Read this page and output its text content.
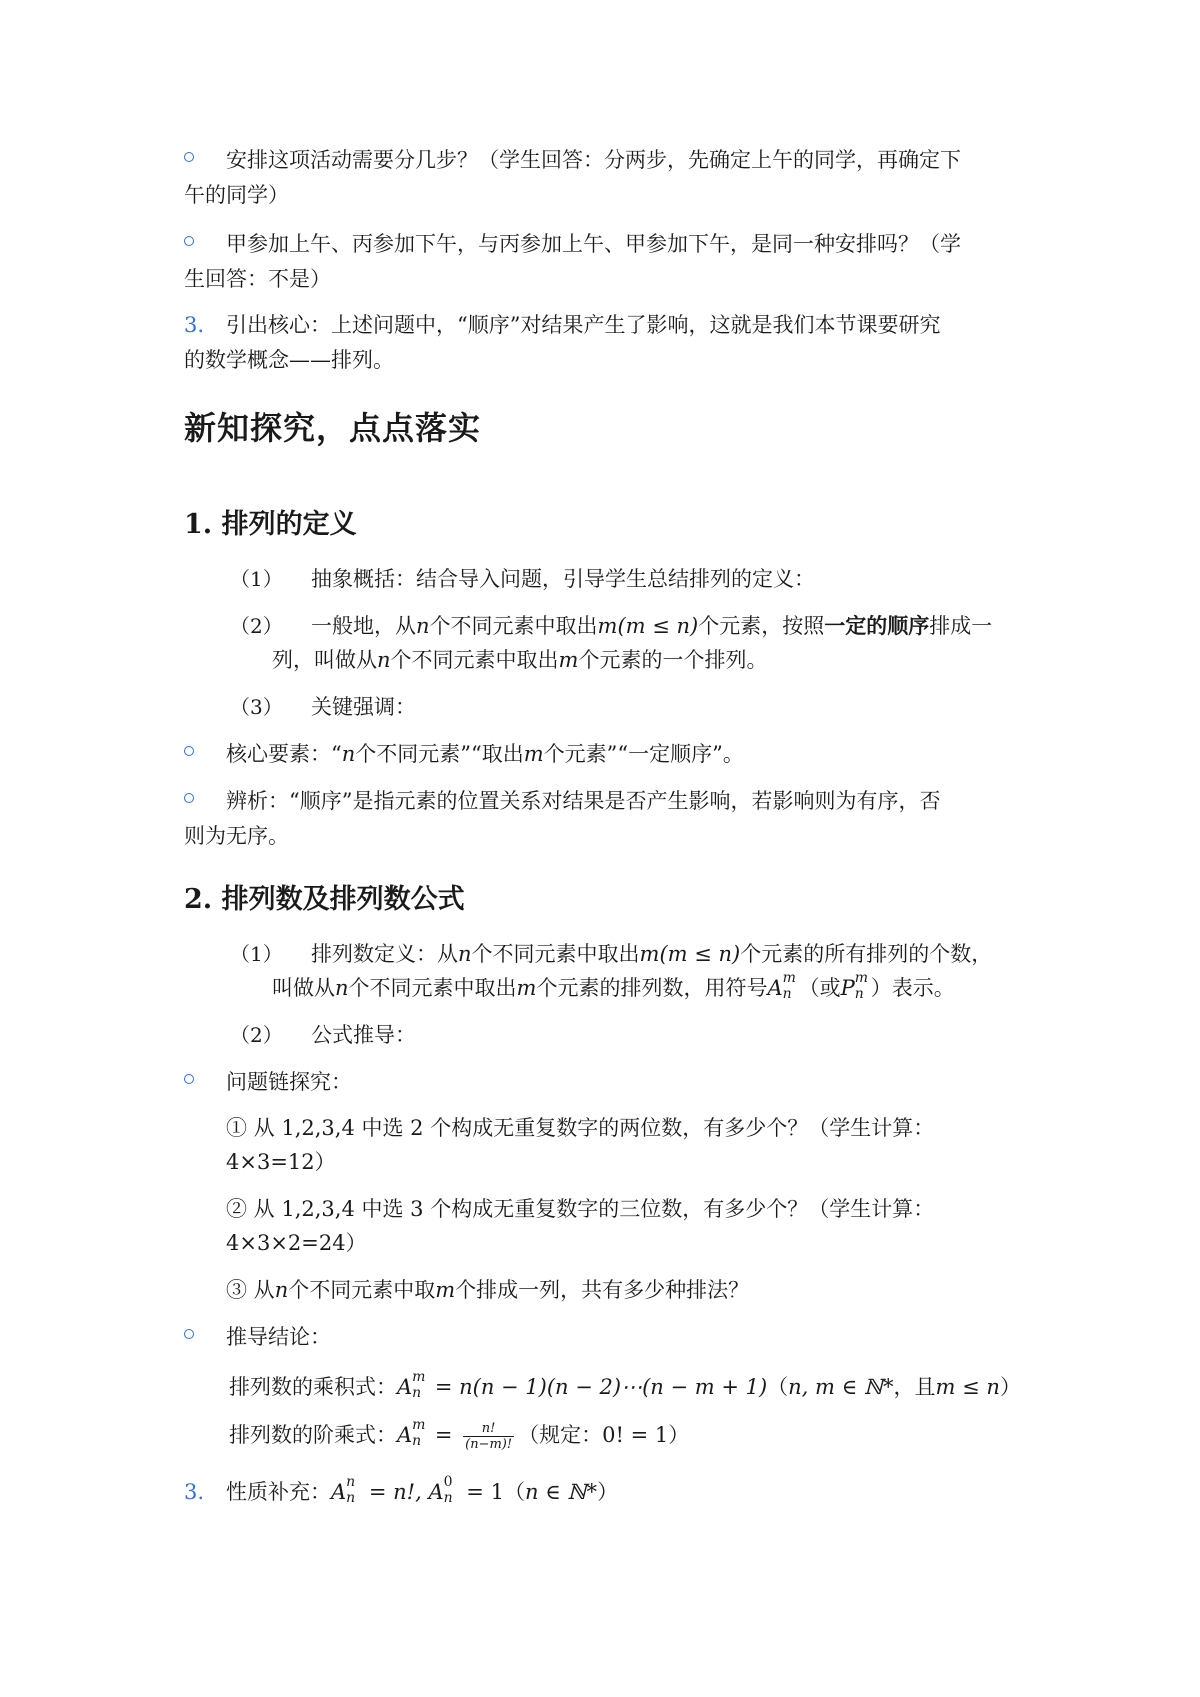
安排这项活动需要分几步？（学生回答：分两步，先确定上午的同学，再确定下
午的同学）
甲参加上午、丙参加下午，与丙参加上午、甲参加下午，是同一种安排吗？（学
生回答：不是）
3. 引出核心：上述问题中，“顺序”对结果产生了影响，这就是我们本节课要研究
的数学概念——排列。
新知探究，点点落实
1. 排列的定义
（1） 抽象概括：结合导入问题，引导学生总结排列的定义：
（2） 一般地，从n个不同元素中取出m(m ≤ n)个元素，按照一定的顺序排成一
列，叫做从n个不同元素中取出m个元素的一个排列。
（3） 关键强调：
核心要素：“n个不同元素”“取出m个元素”“一定顺序”。
辨析：“顺序”是指元素的位置关系对结果是否产生影响，若影响则为有序，否
则为无序。
2. 排列数及排列数公式
（1） 排列数定义：从n个不同元素中取出m(m ≤ n)个元素的所有排列的个数，
叫做从n个不同元素中取出m个元素的排列数，用符号A m
n （或P m
n ）表示。
（2） 公式推导：
问题链探究：
① 从 1,2,3,4 中选 2 个构成无重复数字的两位数，有多少个？（学生计算：
4×3=12）
② 从 1,2,3,4 中选 3 个构成无重复数字的三位数，有多少个？（学生计算：
4×3×2=24）
③ 从n个不同元素中取m个排成一列，共有多少种排法？
推导结论：
排列数的乘积式：A m
n = n(n − 1)(n − 2)⋯(n − m + 1)（n, m ∈ ℕ*，且m ≤ n）
排列数的阶乘式：A m
$n = \frac{n!}{(n-m)!}$ （规定：0! = 1）
3. 性质补充：A n
n = n!, A 0
n = 1（n ∈ ℕ*）
